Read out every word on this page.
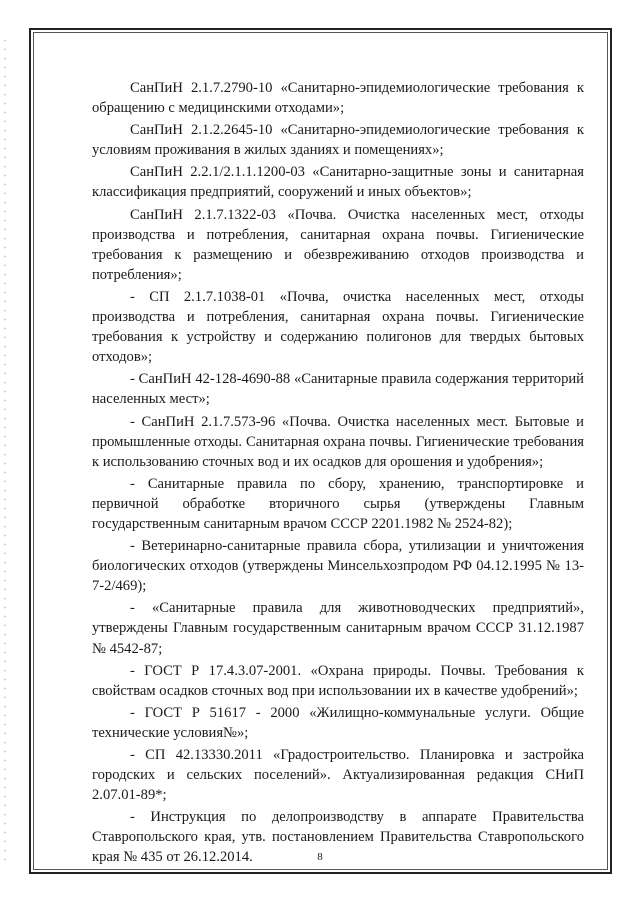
СанПиН 2.1.7.2790-10 «Санитарно-эпидемиологические требования к обращению с медицинскими отходами»;

СанПиН 2.1.2.2645-10 «Санитарно-эпидемиологические требования к условиям проживания в жилых зданиях и помещениях»;

СанПиН 2.2.1/2.1.1.1200-03 «Санитарно-защитные зоны и санитарная классификация предприятий, сооружений и иных объектов»;

СанПиН 2.1.7.1322-03 «Почва. Очистка населенных мест, отходы производства и потребления, санитарная охрана почвы. Гигиенические требования к размещению и обезвреживанию отходов производства и потребления»;

- СП 2.1.7.1038-01 «Почва, очистка населенных мест, отходы производства и потребления, санитарная охрана почвы. Гигиенические требования к устройству и содержанию полигонов для твердых бытовых отходов»;

- СанПиН 42-128-4690-88 «Санитарные правила содержания территорий населенных мест»;

- СанПиН 2.1.7.573-96 «Почва. Очистка населенных мест. Бытовые и промышленные отходы. Санитарная охрана почвы. Гигиенические требования к использованию сточных вод и их осадков для орошения и удобрения»;

- Санитарные правила по сбору, хранению, транспортировке и первичной обработке вторичного сырья (утверждены Главным государственным санитарным врачом СССР 2201.1982 № 2524-82);

- Ветеринарно-санитарные правила сбора, утилизации и уничтожения биологических отходов (утверждены Минсельхозпродом РФ 04.12.1995 № 13-7-2/469);

- «Санитарные правила для животноводческих предприятий», утверждены Главным государственным санитарным врачом СССР 31.12.1987 № 4542-87;

- ГОСТ Р 17.4.3.07-2001. «Охрана природы. Почвы. Требования к свойствам осадков сточных вод при использовании их в качестве удобрений»;

- ГОСТ Р 51617 - 2000 «Жилищно-коммунальные услуги. Общие технические условия№»;

- СП 42.13330.2011 «Градостроительство. Планировка и застройка городских и сельских поселений». Актуализированная редакция СНиП 2.07.01-89*;

- Инструкция по делопроизводству в аппарате Правительства Ставропольского края, утв. постановлением Правительства Ставропольского края № 435 от 26.12.2014.	8
